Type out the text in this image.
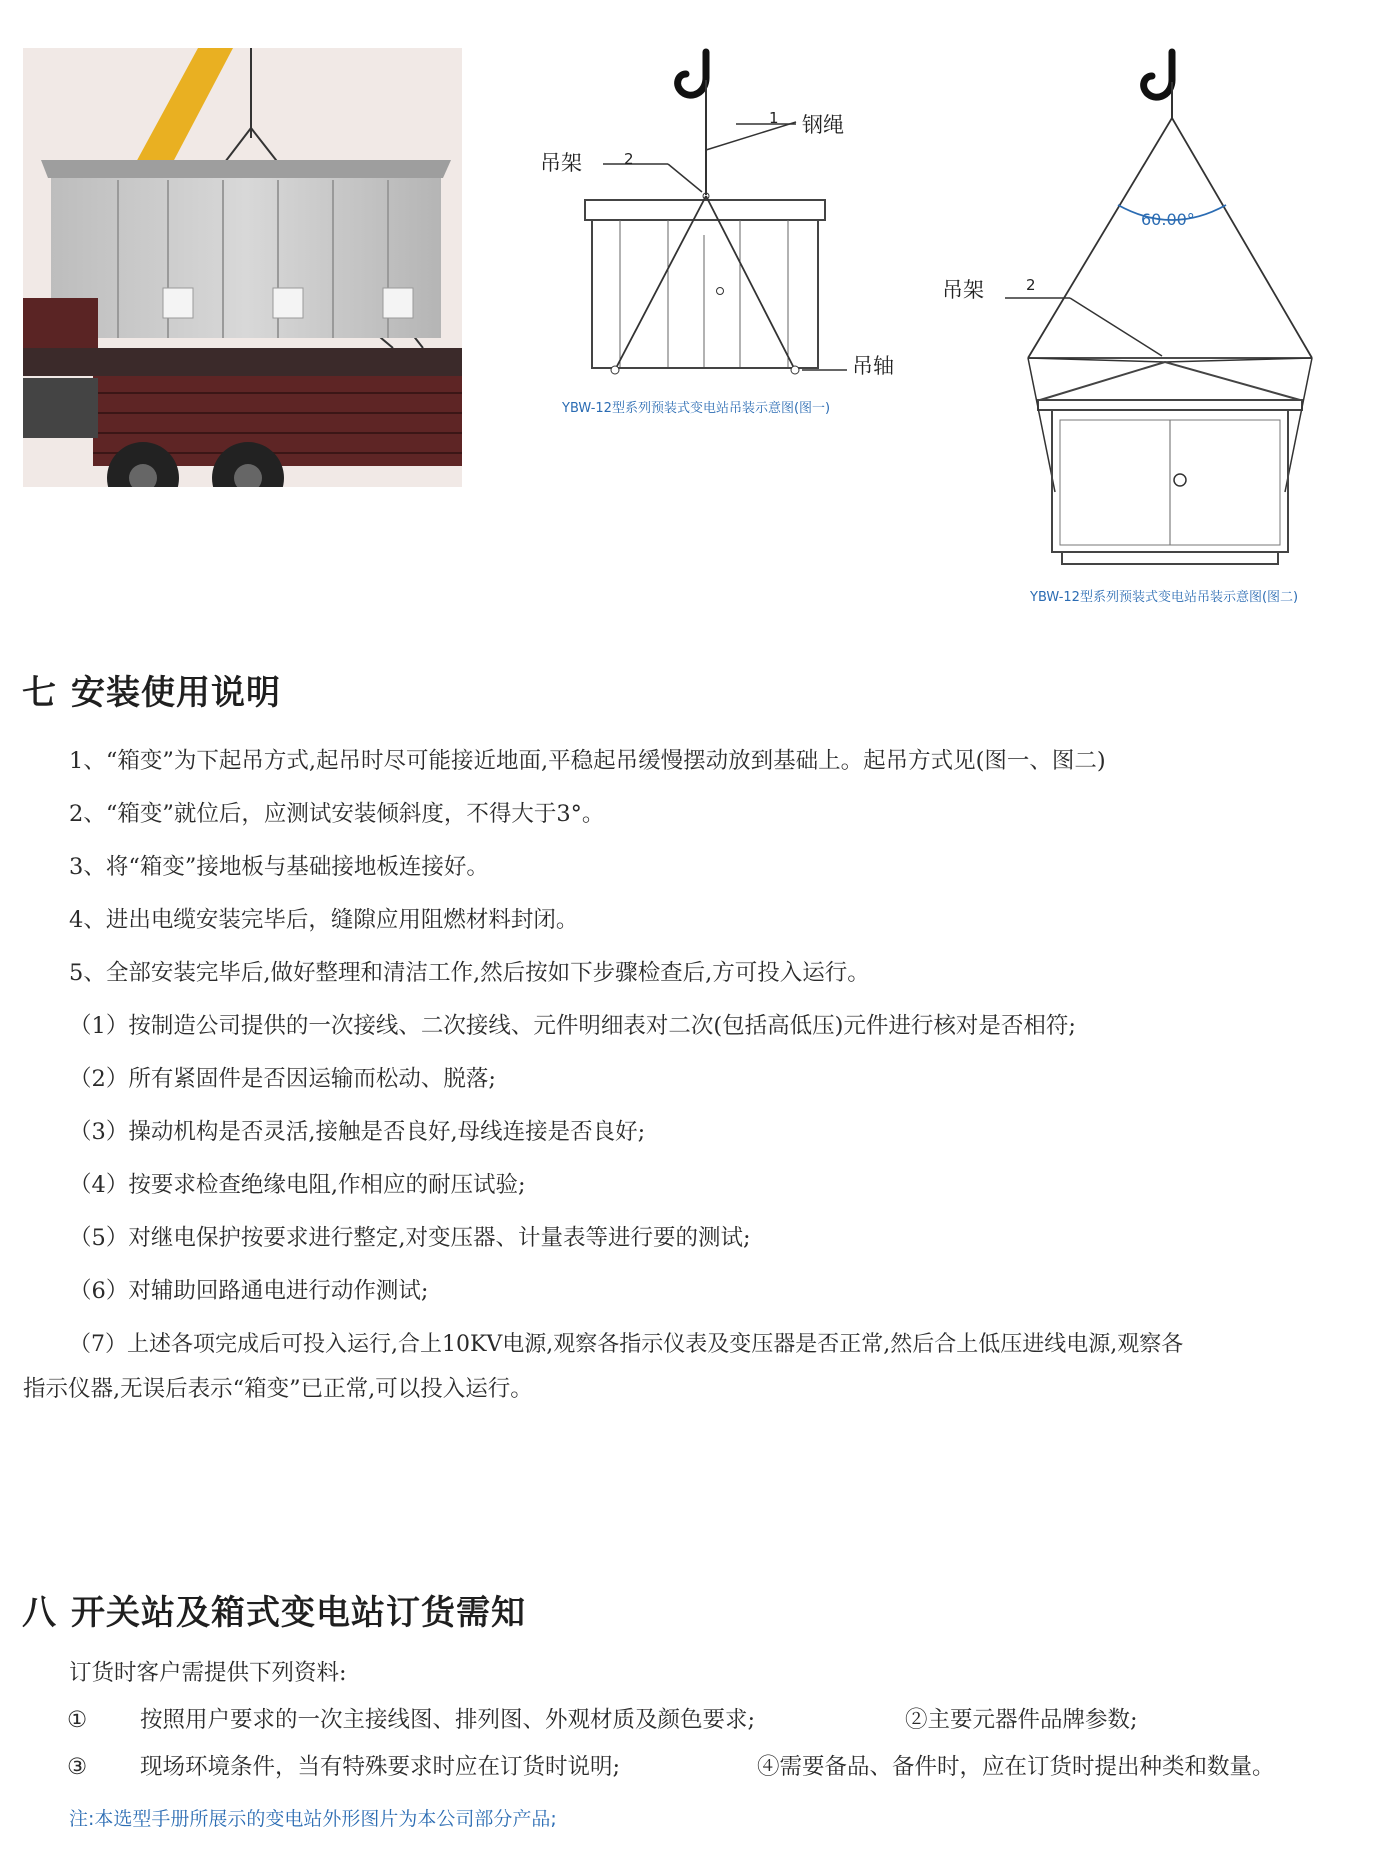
1 钢绳
2
吊架
吊轴
YBW-12型系列预装式变电站吊装示意图(图一)
60.00°
2
吊架
YBW-12型系列预装式变电站吊装示意图(图二)
七 安装使用说明
1、“箱变”为下起吊方式,起吊时尽可能接近地面,平稳起吊缓慢摆动放到基础上。起吊方式见(图一、图二)
2、“箱变”就位后，应测试安装倾斜度，不得大于3°。
3、将“箱变”接地板与基础接地板连接好。
4、进出电缆安装完毕后，缝隙应用阻燃材料封闭。
5、全部安装完毕后,做好整理和清洁工作,然后按如下步骤检查后,方可投入运行。
（1）按制造公司提供的一次接线、二次接线、元件明细表对二次(包括高低压)元件进行核对是否相符;
（2）所有紧固件是否因运输而松动、脱落;
（3）操动机构是否灵活,接触是否良好,母线连接是否良好;
（4）按要求检查绝缘电阻,作相应的耐压试验;
（5）对继电保护按要求进行整定,对变压器、计量表等进行要的测试;
（6）对辅助回路通电进行动作测试;
（7）上述各项完成后可投入运行,合上10KV电源,观察各指示仪表及变压器是否正常,然后合上低压进线电源,观察各
指示仪器,无误后表示“箱变”已正常,可以投入运行。
八 开关站及箱式变电站订货需知
订货时客户需提供下列资料:
① 按照用户要求的一次主接线图、排列图、外观材质及颜色要求;	②主要元器件品牌参数;
③ 现场环境条件，当有特殊要求时应在订货时说明;	④需要备品、备件时，应在订货时提出种类和数量。
注:本选型手册所展示的变电站外形图片为本公司部分产品;
